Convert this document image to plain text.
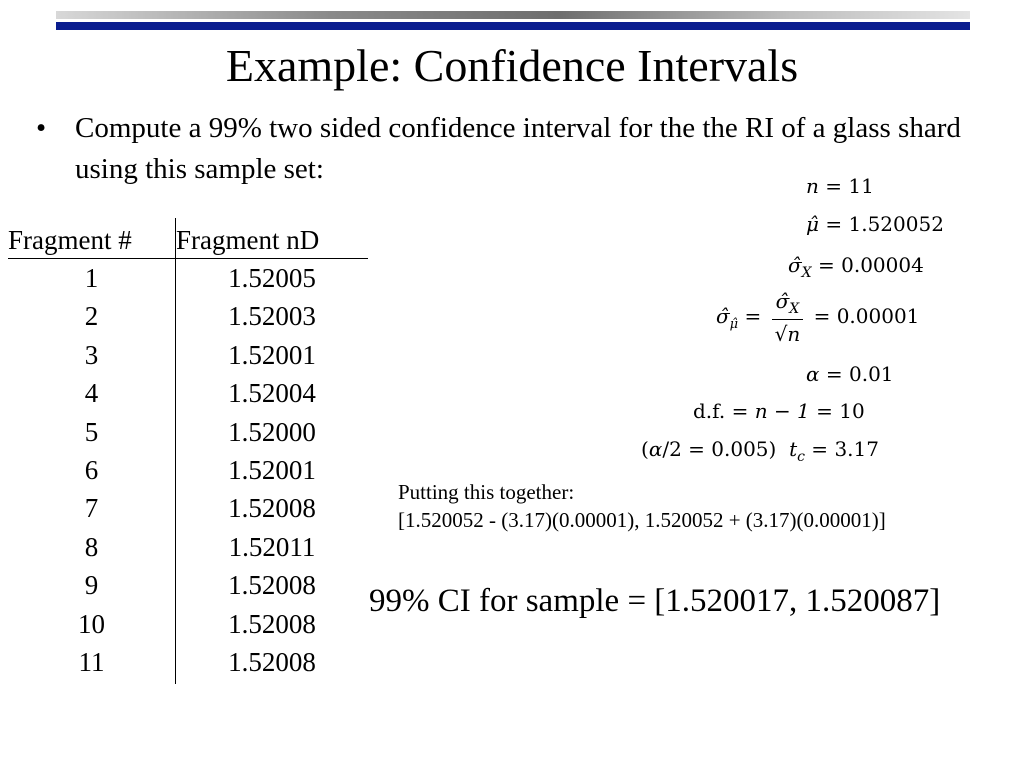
Example: Confidence Intervals
• Compute a 99% two sided confidence interval for the the RI of a glass shard using this sample set:
Fragment # Fragment nD
1	1.52005
2	1.52003
3	1.52001
4	1.52004
5	1.52000
6	1.52001
7	1.52008
8	1.52011
9	1.52008
10	1.52008
11	1.52008
n = 11
μ̂ = 1.520052
$\sigmâ_X = 0.00004$
$\sigmâ_{\mû} = \frac{\sigmâ_X}{√n} = 0.00001$
α = 0.01
d.f. = n − 1 = 10
(α/2 = 0.005)  $t_c = 3.17$
Putting this together:
[1.520052 - (3.17)(0.00001), 1.520052 + (3.17)(0.00001)]
99% CI for sample = [1.520017, 1.520087]
